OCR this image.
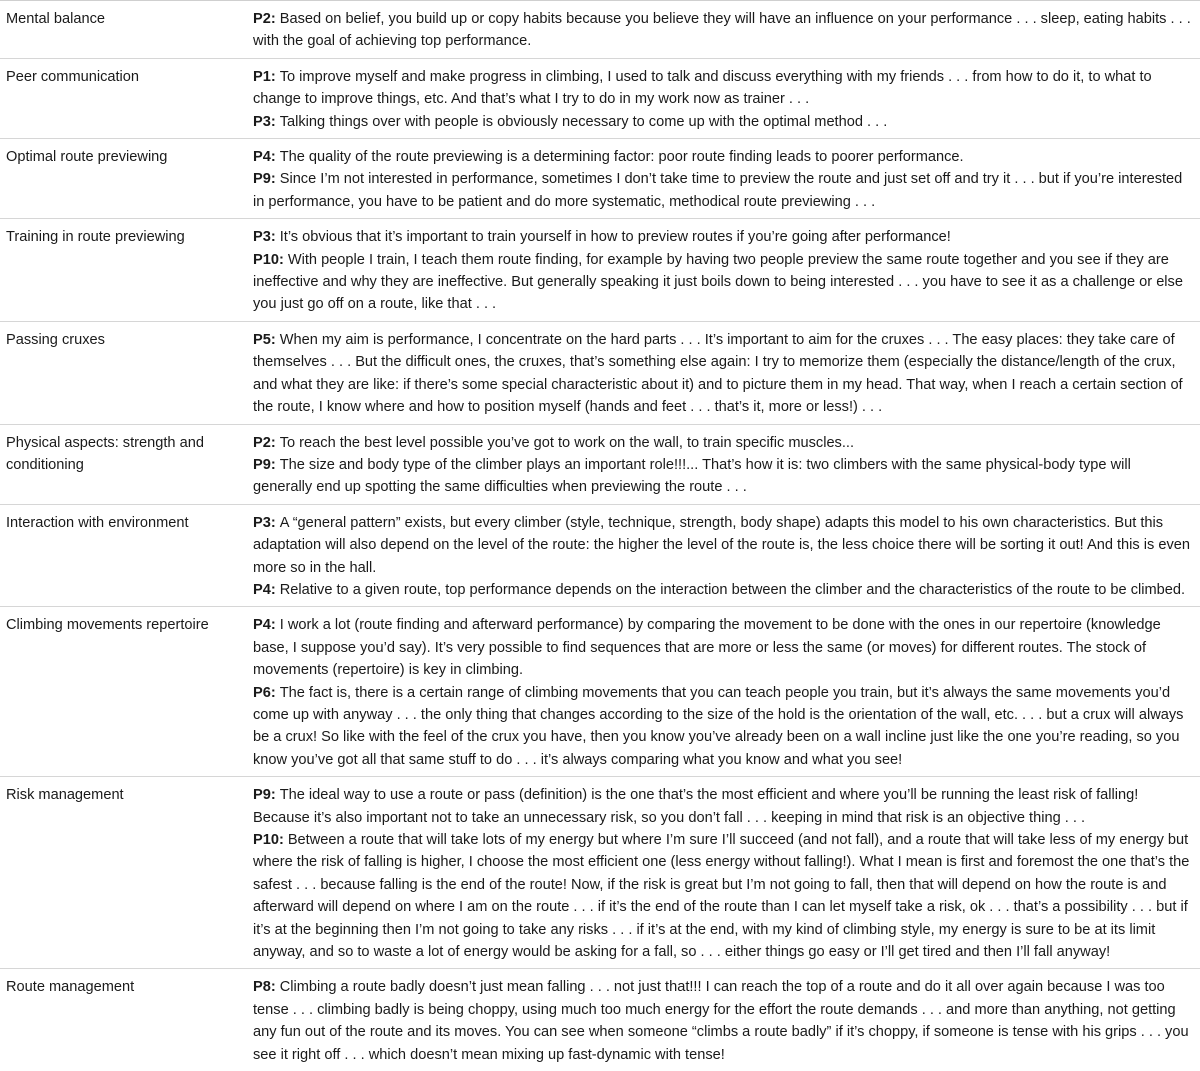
Mental balance	P2: Based on belief, you build up or copy habits because you believe they will have an influence on your performance . . . sleep, eating habits . . . with the goal of achieving top performance.

Peer communication	P1: To improve myself and make progress in climbing, I used to talk and discuss everything with my friends . . . from how to do it, to what to change to improve things, etc. And that’s what I try to do in my work now as trainer . . .

P3: Talking things over with people is obviously necessary to come up with the optimal method . . .

Optimal route previewing	P4: The quality of the route previewing is a determining factor: poor route finding leads to poorer performance.

P9: Since I’m not interested in performance, sometimes I don’t take time to preview the route and just set off and try it . . . but if you’re interested in performance, you have to be patient and do more systematic, methodical route previewing . . .

Training in route previewing	P3: It’s obvious that it’s important to train yourself in how to preview routes if you’re going after performance!

P10: With people I train, I teach them route finding, for example by having two people preview the same route together and you see if they are ineffective and why they are ineffective. But generally speaking it just boils down to being interested . . . you have to see it as a challenge or else you just go off on a route, like that . . .

Passing cruxes	P5: When my aim is performance, I concentrate on the hard parts . . . It’s important to aim for the cruxes . . . The easy places: they take care of themselves . . . But the difficult ones, the cruxes, that’s something else again: I try to memorize them (especially the distance/length of the crux, and what they are like: if there’s some special characteristic about it) and to picture them in my head. That way, when I reach a certain section of the route, I know where and how to position myself (hands and feet . . . that’s it, more or less!) . . .

Physical aspects: strength and conditioning

P2: To reach the best level possible you’ve got to work on the wall, to train specific muscles...

P9: The size and body type of the climber plays an important role!!!... That’s how it is: two climbers with the same physical-body type will generally end up spotting the same difficulties when previewing the route . . .

Interaction with environment	P3: A “general pattern” exists, but every climber (style, technique, strength, body shape) adapts this model to his own characteristics. But this adaptation will also depend on the level of the route: the higher the level of the route is, the less choice there will be sorting it out! And this is even more so in the hall.

P4: Relative to a given route, top performance depends on the interaction between the climber and the characteristics of the route to be climbed.

Climbing movements repertoire	P4: I work a lot (route finding and afterward performance) by comparing the movement to be done with the ones in our repertoire (knowledge base, I suppose you’d say). It’s very possible to find sequences that are more or less the same (or moves) for different routes. The stock of movements (repertoire) is key in climbing.

P6: The fact is, there is a certain range of climbing movements that you can teach people you train, but it’s always the same movements you’d come up with anyway . . . the only thing that changes according to the size of the hold is the orientation of the wall, etc. . . . but a crux will always be a crux! So like with the feel of the crux you have, then you know you’ve already been on a wall incline just like the one you’re reading, so you know you’ve got all that same stuff to do . . . it’s always comparing what you know and what you see!

Risk management	P9: The ideal way to use a route or pass (definition) is the one that’s the most efficient and where you’ll be running the least risk of falling! Because it’s also important not to take an unnecessary risk, so you don’t fall . . . keeping in mind that risk is an objective thing . . .

P10: Between a route that will take lots of my energy but where I’m sure I’ll succeed (and not fall), and a route that will take less of my energy but where the risk of falling is higher, I choose the most efficient one (less energy without falling!). What I mean is first and foremost the one that’s the safest . . . because falling is the end of the route! Now, if the risk is great but I’m not going to fall, then that will depend on how the route is and afterward will depend on where I am on the route . . . if it’s the end of the route than I can let myself take a risk, ok . . . that’s a possibility . . . but if it’s at the beginning then I’m not going to take any risks . . . if it’s at the end, with my kind of climbing style, my energy is sure to be at its limit anyway, and so to waste a lot of energy would be asking for a fall, so . . . either things go easy or I’ll get tired and then I’ll fall anyway!

Route management	P8: Climbing a route badly doesn’t just mean falling . . . not just that!!! I can reach the top of a route and do it all over again because I was too tense . . . climbing badly is being choppy, using much too much energy for the effort the route demands . . . and more than anything, not getting any fun out of the route and its moves. You can see when someone “climbs a route badly” if it’s choppy, if someone is tense with his grips . . . you see it right off . . . which doesn’t mean mixing up fast-dynamic with tense!
